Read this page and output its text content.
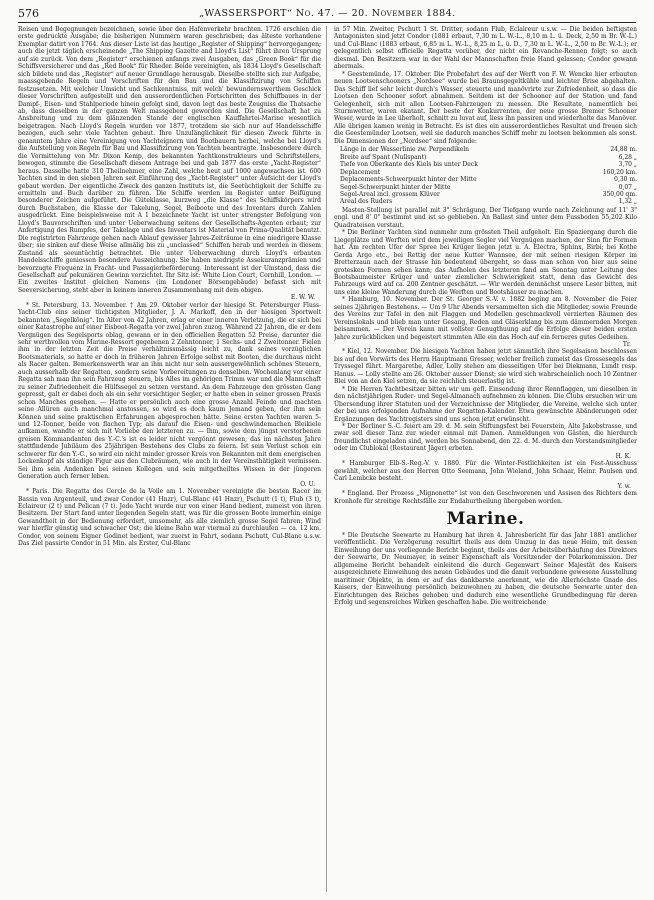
576	„WASSERSPORT“ No. 47. — 20. November 1884.

Reisen und Begegnungen bezeichnen, sowie über den Hafenverkehr brachten. 1726 erschien die erste gedruckte Ausgabe; die bisherigen Nummern waren geschrieben; das älteste vorhandene Exemplar datirt von 1764. Aus dieser Liste ist das heutige „Register of Shipping“ hervorgegangen; auch die jetzt täglich erscheinende „The Shipping Gazette and Lloyd's List“ führt ihren Ursprung auf sie zurück. Von dem „Register“ erschienen anfangs zwei Ausgaben, das „Green Book“ für die Schiffsversicherer und das „Red Book“ für Rheder. Beide vereinigten, als 1834 Lloyd's Gesellschaft sich bildete und das „Register“ auf neuer Grundlage herausgab. Dieselbe stellte sich zur Aufgabe, maassgebende Regeln und Vorschriften für den Bau und die Klassifizirung von Schiffen festzusetzen. Mit welcher Umsicht und Sachkenntniss, mit welch' bewundernswerthem Geschick dieser Vorschriften aufgestellt und den ausserordentlichen Fortschritten des Schiffbaues in der Dampf-, Eisen- und Stahlperiode hinein gefolgt sind, davon legt das beste Zeugniss die Thatsache ab, dass dieselben in der ganzen Welt massgebend geworden sind. Die Gesellschaft hat zu Ansbreitung und zu dem glänzenden Stande der englischen Kauffahrtei-Marine wesentlich beigetragen. Nach Lloyd's Regeln wurden vor 1877, trotzdem sie sich nur auf Handelsschiffe bezogen, auch sehr viele Yachten gebaut. Ihre Unzulänglichkeit für diesen Zweck führte in genanntem Jahre eine Vereinigung von Yachteignern und Bootbauern herbei, welche bei Lloyd's die Aufstellung von Regeln für Bau und Klassifizirung von Yachten beantragte. Insbesondere durch die Vermittelung von Mr. Dixon Kemp, des bekannten Yachtkonstrukteurs und Schriftstellers, bewogen, stimmte die Gesellschaft diesem Antrage bei und gab 1877 das erste „Yacht-Register“ heraus. Dasselbe hatte 310 Theilnehmer, eine Zahl, welche heut auf 1000 angewachsen ist. 600 Yachten sind in den sieben Jahren seit Einführung des „Yacht-Register“ unter Aufsicht der Lloyd's gebaut worden. Der eigentliche Zweck des ganzen Instituts ist, die Seetüchtigkeit der Schiffe zu ermitteln und Buch darüber zu führen. Die Schiffe werden im Register unter Beifügung besonderer Zeichen aufgeführt. Die Güteklasse, kurzweg „die Klasse“ des Schiffskörpers wird durch Buchstaben, die Klasse der Takelung, Segel, Beiboote und des Inventars durch Zahlen ausgedrückt. Eine beispielsweise mit A 1 bezeichnete Yacht ist unter strengster Befolgung von Lloyd's Bauvorschriften und unter Ueberwachung seitens der Gesellschafts-Agenten erbaut; zur Anfertigung des Rumpfes, der Takelage und des Inventars ist Material von Prima-Qualität benutzt. Die registrirten Fahrzeuge gehen nach Ablauf gewisser Jahres-Zeiträume in eine niedrigere Klasse über; sie sinken auf diese Weise allmälig bis zu „unclassed“ Schiffen herab und werden in diesem Zustand als seeuntüchtig betrachtet. Die unter Ueberwachung durch Lloyd's erbauten Handelsschiffe geniessen besondere Auszeichnung. Sie haben niedrigste Assekuranzprämien und bevorzugte Frequenz in Fracht- und Passagierbeförderung. Interessant ist der Umstand, dass die Gesellschaft auf pekuniären Gewinn verzichtet. Ihr Sitz ist: White Lion Court, Cornhill, London. — Ein zweites Institut gleichen Namens (im Londoner Börsengebäude) befasst sich mit Seeversicherung, steht aber in keinem inneren Zusammenhang mit dem obigen.

E. W. W.

* St. Petersburg, 13. November. † Am 29. Oktober verlor der hiesige St. Petersburger Fluss-Yacht-Club eins seiner tüchtigsten Mitglieder, J. A. Markoff, den in der hiesigen Sportwelt bekannten „Segelkönig“. Im Alter von 42 Jahren, erlag er einer inneren Verletzung, die er sich bei einer Katastrophe auf einer Eisboot-Regatta vor zwei Jahren zuzog. Während 22 Jahren, die er dem Vergnügen des Segelsports oblag, gewann er in den officiellen Regatten 52 Preise, darunter die sehr werthvollen vom Marine-Ressort gegebenen 2 Zehntonner, 1 Sechs- und 2 Zweitonner. Fielen ihm in der letzten Zeit die Preise verhältnissmässig leicht zu, dank seines vorzüglichen Bootsmaterials, so hatte er doch in früheren Jahren Erfolge selbst mit Booten, die durchaus nicht als Racer galten. Bemerkenswerth war an ihm nicht nur sein aussergewöhnlich schönes Steuern, auch ausserhalb der Regatten, sondern seine Vorbereitungen zu denselben. Wochenlang vor einer Regatta sah man ihn sein Fahrzeug steuern, bis Alles im gehörigen Trimm war und die Mannschaft zu seiner Zufriedenheit die Hülfssegel zu setzen verstand. An dem Fahrzeuge den grössten Gang gepresst, galt er dabei doch als ein sehr vorsichtiger Segler, er hatte eben in seiner grossen Praxis schon Manches gesehen. — Hatte er persönlich auch eine grosse Anzahl Feinde und machten seine Allüren auch manchmal anstossen, so wird es doch kaum Jemand geben, der ihm sein Können und seine praktischen Erfahrungen abgesprochen hätte. Seine ersten Yachten waren 5- und 12-Tonner, beide von flachen Typ; als darauf die Eisen- und geschwindemachen Bleikiele aufkamen, wandte er sich mit Vorliebe den letzteren zu. — Ihm, sowie dem jüngst verstorbenen greisen Kommandanten des Y.-C.'s ist es leider nicht vergönnt gewesen, das im nächsten Jahre stattfindende Jubiläum des 25jährigen Bestehens des Clubs zu feiern. Ist sein Verlust schon ein schwerer für den Y.-C., so wird ein nicht minder grosser Kreis von Bekannten mit dem energischen Lockenkopf als ständige Figur aus den Clubräumen, wie auch in der Vereinsthätigkeit vermissen. Sei ihm sein Andenken bei seinen Kollegen und sein mitgetheiltes Wissen in der jüngeren Generation auch ferner leben.

O. U.

* Paris. Die Regatta des Cercle de la Voile am 1. November vereinigte die besten Racer im Bassin von Argenteuil, und zwar Condor (41 Hnzr), Cul-Blanc (41 Hnzr), Pschutt (1 t), Flub (3 t), Eclaireur (2 t) und Pelican (7 t). Jede Yacht wurde nur von einer Hand bedient, zumeist von ihren Besitzern. Der Start fand unter liegenden Segeln statt, was für die grossen Boote immerhin einige Gewandtheit in der Bedienung erfordert, umsomehr, als alle ziemlich grosse Segel fahren; Wind war hierfür günstig und schwacher Ost; die kleine Bahn war viermal zu durchlaufen — ca. 12 km. Condor, von seinem Eigner Godinet bedient, war zuerst in Fahrt, sodann Pschutt, Cul-Blanc u.s.w. Das Ziel passirte Condor in 51 Min. als Erster, Cul-Blanc

in 57 Min. Zweiter, Pschutt 1 St. Dritter, sodann Flub, Eclaireur u.s.w. — Die beiden heftigsten Antagonisten sind jetzt Condor (1881 erbaut, 7,30 m L. W.-L., 8,10 m L. ü. Deck, 2,50 m Br. W.-L.) und Cul-Blanc (1883 erbaut, 6,85 m L. W.-L., 8,25 m L. ü. D., 7,30 m L. W.-L., 2,50 m Br. W.-L.); er gelegentlich selbst officielle Regatta vorüber, der nicht ein Revanche-Rennen folgt; so auch diesmal. Den Besitzern war in der Wahl der Mannschaften freie Hand gelassen; Condor gewann abermals.

* Geestemünde, 17. Oktober. Die Probefahrt des auf der Werft von F. W. Wencke hier erbauten neuen Lootsenschooners „Nordsee“ wurde bei Braunsgegeltkühle und leichter Brise abgehalten. Das Schiff lief sehr leicht durch's Wasser, steuerte und manövrirte zur Zufriedenheit, so dass die Lootsen den Schooner sofort abnahmen. Seitdem ist der Schooner auf der Station und fand Gelegenheit, sich mit allen Lootsen-Fahrzeugen zu messen. Die Resultate, namentlich bei Sturmwetter, waren ekatant. Der beste der Konkurrenten, der neue grosse Bremer Schooner Weser, wurde in Lee überholt, schnitt zu luvat auf, liess ihn passiren und wiederholte das Manöver. Alle übrigen kamen wenig in Betracht. Es ist dies ein ausserordentliches Resultat und freuen sich die Geestemünder Lootsen, weil sie dadurch manches Schiff mehr zu lootsen bekommen als sonst. Die Dimensionen der „Nordsee“ sind folgende:

Länge in der Wasserlinie zw. Perpendikeln	24,88 m.
Breite auf Spant (Nullspant)	6,28 „
Tiefe von Oberkante des Kiels bis unter Deck	3,70 „
Deplacement	160,20 km.
Deplacements-Schwerpunkt hinter der Mitte	0,30 m.
Segel-Schwerpunkt hinter der Mitte	0,07 „
Segel-Areal incl. grossem Klüver	350,00 qm.
Areal des Ruders	1,32 „

Masten-Stellung ist parallel mit 3° Schrägung. Der Tiefgang wurde nach Zeichnung auf 11' 3" engl. und 8' 0" bestimmt und ist so geblieben. An Ballast sind unter dem Fussboden 55,202 Kilo Quadrateisen verstaut.

* Die Berliner Yachten sind nunmehr zum grössten Theil aufgeholt. Ein Spaziergang durch die Liegeplätze und Werften wird dem jeweiligen Segler viel Vergnügen machen, der Sinn für Formen hat. Am rechten Ufer der Spree bei Krüger liegen jetzt u. A. Electra, Sphinx, Birbi; bei Kothe Gerda Argo etc., bei Rettig der neue Kutter Wannsee, der mit seinen riesigen Körper im Bretterzaun nach der Strasse hin bedeutend übergeht, so dass man schon von hier aus seine grotesken Formen sehen kann; das Aufholen des letzteren fand am Sonntag unter Leitung des Bootsbaumeister Krüger und unter ziemlicher Schwierigkeit statt, denn das Gewicht des Fahrzeugs wird auf ca. 200 Zentner geschätzt. — Wir werden demnächst unsere Leser bitten, mit uns eine kleine Wanderung durch die Werften und Bootshäuser zu machen.

* Hamburg, 10. November. Der St. Georger S.-V. v. 1882 beging am 8. November die Feier seines 2jährigen Bestehens. — Um 9 Uhr Abends versammelten sich die Mitglieder, sowie Freunde des Vereins zur Tafel in den mit Flaggen und Modellen geschmackvoll verzierten Räumen des Vereinslokals und blieb man unter Gesang, Reden und Gläserklang bis zum dämmernden Morgen beisammen. — Der Verein kann mit vollster Genugthuung auf die Erfolge dieser beiden ersten Jahre zurückblicken und begeistert stimmten Alle ein das Hoch auf ein ferneres gutes Gedeihen.

Tr.

* Kiel, 12. November. Die hiesigen Yachten haben jetzt sämmtlich ihre Segelsaison beschlossen bis auf den Vorwärts des Herrn Hauptmann Gresser, welcher freilich zumeist das Grossesegels das Tryssegel führt. Margarethe, Adler, Lolly stehen am diesseitigen Ufer bei Diekmann, Lundt resp. Hanus. — Lolly stellte am 26. Oktober ausser Dienst; sie wird sich wahrscheinlich noch 10 Zentner Blei von an den Kiel setzen, da sie reichlich steuerlastig ist.

* Die Herren Yachtbesitzer bitten wir um gefl. Einsendung ihrer Rennflaggen, um dieselben in den nächstjährigen Ruder- und Segel-Almanach aufnehmen zu können. Die Clubs ersuchen wir um Übersendung ihrer Statuten und der Verzeichnisse der Mitglieder, die Vereine, welche sich unter der bei uns erfolgenden Aufnahme der Regatten-Kalender. Etwa gewünschte Abänderungen oder Ergänzungen des Yachtregisters sind uns schon jetzt erwünscht.

* Der Berliner S.-C. feiert am 29. d. M. sein Stiftungsfest bei Feuerstein, Alte Jakobstrasse, und zwar soll dieser Tanz zur wieder einmal mit Damen. Anmeldungen von Gästen, die hierdurch freundlichst eingeladen sind, werden bis Sonnabend, den 22. d. M. durch den Vorstandsmitglieder oder im Clublokal (Restaurant Jäger) erbeten.

H. K.

* Hamburger Elb-S.-Reg.-V. v. 1880. Für die Winter-Festlichkeiten ist ein Fest-Ausschuss gewählt, welcher aus den Herren Otto Seemann, John Wieland, John Schaar, Heinr. Paulsen und Carl Lembcke besteht.

Y. w.

* England. Der Prozess „Mignonette“ ist von den Geschworenen und Assisen des Richters dem Kronhofe für streitige Rechtsfälle zur Endaburtheilung übergeben worden.

Marine.

* Die Deutsche Seewarte zu Hamburg hat ihren 4. Jahresbericht für das Jahr 1881 amtlicher veröffentlicht. Die Verzögerung resultirt theils aus dem Umzug in das neue Heim, mit dessen Einweihung der uns vorliegende Bericht beginnt, theils aus der Arbeitsüberhäufung des Direktors der Seewarte, Dr. Neumayer, in seiner Eigenschaft als Vorsitzender der Polarkommission. Der allgemeine Bericht behandelt einleitend die durch Gegenwart Seiner Majestät des Kaisers ausgezeichnete Einweihung des neuen Gebäudes und die damit verbundene gewesene Ausstellung maritimer Objekte, in dem er auf das dankbarste anerkennt, wie die Allerhöchste Gnade des Kaisers, der Einweihung persönlich beizuwohnen zu haben, die deutsche Seewarte unter den Einrichtungen des Reiches gehoben und dadurch eine wesentliche Grundbedingung für deren Erfolg und segensreiches Wirken geschaffen habe. Die weitreichende
